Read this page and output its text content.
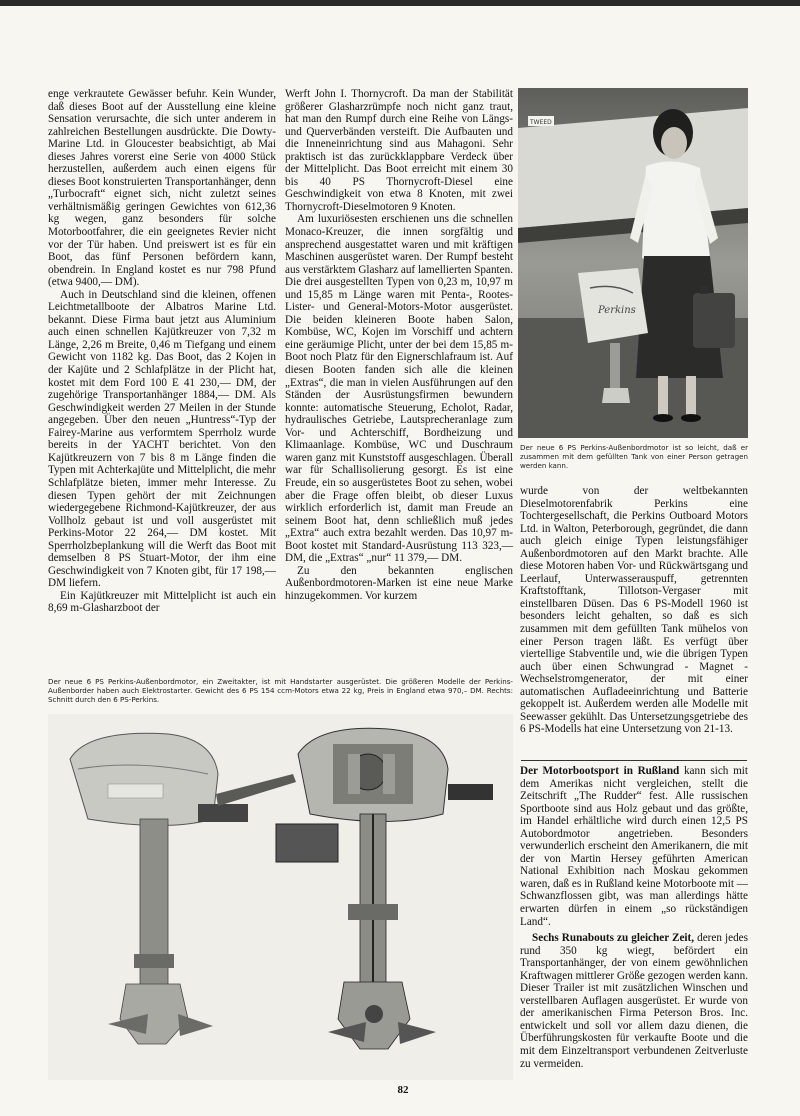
enge verkrautete Gewässer befuhr. Kein Wunder, daß dieses Boot auf der Ausstellung eine kleine Sensation verursachte, die sich unter anderem in zahlreichen Bestellungen ausdrückte. Die Dowty-Marine Ltd. in Gloucester beabsichtigt, ab Mai dieses Jahres vorerst eine Serie von 4000 Stück herzustellen, außerdem auch einen eigens für dieses Boot konstruierten Transportanhänger, denn „Turbocraft“ eignet sich, nicht zuletzt seines verhältnismäßig geringen Gewichtes von 612,36 kg wegen, ganz besonders für solche Motorbootfahrer, die ein geeignetes Revier nicht vor der Tür haben. Und preiswert ist es für ein Boot, das fünf Personen befördern kann, obendrein. In England kostet es nur 798 Pfund (etwa 9400,— DM).

Auch in Deutschland sind die kleinen, offenen Leichtmetallboote der Albatros Marine Ltd. bekannt. Diese Firma baut jetzt aus Aluminium auch einen schnellen Kajütkreuzer von 7,32 m Länge, 2,26 m Breite, 0,46 m Tiefgang und einem Gewicht von 1182 kg. Das Boot, das 2 Kojen in der Kajüte und 2 Schlafplätze in der Plicht hat, kostet mit dem Ford 100 E 41 230,— DM, der zugehörige Transportanhänger 1884,— DM. Als Geschwindigkeit werden 27 Meilen in der Stunde angegeben. Über den neuen „Huntress“-Typ der Fairey-Marine aus verformtem Sperrholz wurde bereits in der YACHT berichtet. Von den Kajütkreuzern von 7 bis 8 m Länge finden die Typen mit Achterkajüte und Mittelplicht, die mehr Schlafplätze bieten, immer mehr Interesse. Zu diesen Typen gehört der mit Zeichnungen wiedergegebene Richmond-Kajütkreuzer, der aus Vollholz gebaut ist und voll ausgerüstet mit Perkins-Motor 22 264,— DM kostet. Mit Sperrholzbeplankung will die Werft das Boot mit demselben 8 PS Stuart-Motor, der ihm eine Geschwindigkeit von 7 Knoten gibt, für 17 198,— DM liefern.

Ein Kajütkreuzer mit Mittelplicht ist auch ein 8,69 m-Glasharzboot der

Werft John I. Thornycroft. Da man der Stabilität größerer Glasharzrümpfe noch nicht ganz traut, hat man den Rumpf durch eine Reihe von Längs- und Querverbänden versteift. Die Aufbauten und die Inneneinrichtung sind aus Mahagoni. Sehr praktisch ist das zurückklappbare Verdeck über der Mittelplicht. Das Boot erreicht mit einem 30 bis 40 PS Thornycroft-Diesel eine Geschwindigkeit von etwa 8 Knoten, mit zwei Thornycroft-Dieselmotoren 9 Knoten.

Am luxuriösesten erschienen uns die schnellen Monaco-Kreuzer, die innen sorgfältig und ansprechend ausgestattet waren und mit kräftigen Maschinen ausgerüstet waren. Der Rumpf besteht aus verstärktem Glasharz auf lamellierten Spanten. Die drei ausgestellten Typen von 0,23 m, 10,97 m und 15,85 m Länge waren mit Penta-, Rootes-Lister- und General-Motors-Motor ausgerüstet. Die beiden kleineren Boote haben Salon, Kombüse, WC, Kojen im Vorschiff und achtern eine geräumige Plicht, unter der bei dem 15,85 m-Boot noch Platz für den Eignerschlafraum ist. Auf diesen Booten fanden sich alle die kleinen „Extras“, die man in vielen Ausführungen auf den Ständen der Ausrüstungsfirmen bewundern konnte: automatische Steuerung, Echolot, Radar, hydraulisches Getriebe, Lautsprecheranlage zum Vor- und Achterschiff, Bordheizung und Klimaanlage. Kombüse, WC und Duschraum waren ganz mit Kunststoff ausgeschlagen. Überall war für Schallisolierung gesorgt. Es ist eine Freude, ein so ausgerüstetes Boot zu sehen, wobei aber die Frage offen bleibt, ob dieser Luxus wirklich erforderlich ist, damit man Freude an seinem Boot hat, denn schließlich muß jedes „Extra“ auch extra bezahlt werden. Das 10,97 m-Boot kostet mit Standard-Ausrüstung 113 323,— DM, die „Extras“ „nur“ 11 379,— DM.

Zu den bekannten englischen Außenbordmotoren-Marken ist eine neue Marke hinzugekommen. Vor kurzem

TWEED
Perkins
Der neue 6 PS Perkins-Außenbordmotor ist so leicht, daß er zusammen mit dem gefüllten Tank von einer Person getragen werden kann.

wurde von der weltbekannten Dieselmotorenfabrik Perkins eine Tochtergesellschaft, die Perkins Outboard Motors Ltd. in Walton, Peterborough, gegründet, die dann auch gleich einige Typen leistungsfähiger Außenbordmotoren auf den Markt brachte. Alle diese Motoren haben Vor- und Rückwärtsgang und Leerlauf, Unterwasserauspuff, getrennten Kraftstofftank, Tillotson-Vergaser mit einstellbaren Düsen. Das 6 PS-Modell 1960 ist besonders leicht gehalten, so daß es sich zusammen mit dem gefüllten Tank mühelos von einer Person tragen läßt. Es verfügt über viertellige Stabventile und, wie die übrigen Typen auch über einen Schwungrad - Magnet - Wechselstromgenerator, der mit einer automatischen Aufladeeinrichtung und Batterie gekoppelt ist. Außerdem werden alle Modelle mit Seewasser gekühlt. Das Untersetzungsgetriebe des 6 PS-Modells hat eine Untersetzung von 21-13.

Der Motorbootsport in Rußland kann sich mit dem Amerikas nicht vergleichen, stellt die Zeitschrift „The Rudder“ fest. Alle russischen Sportboote sind aus Holz gebaut und das größte, im Handel erhältliche wird durch einen 12,5 PS Autobordmotor angetrieben. Besonders verwunderlich erscheint den Amerikanern, die mit der von Martin Hersey geführten American National Exhibition nach Moskau gekommen waren, daß es in Rußland keine Motorboote mit — Schwanzflossen gibt, was man allerdings hätte erwarten dürfen in einem „so rückständigen Land“.

Sechs Runabouts zu gleicher Zeit, deren jedes rund 350 kg wiegt, befördert ein Transportanhänger, der von einem gewöhnlichen Kraftwagen mittlerer Größe gezogen werden kann. Dieser Trailer ist mit zusätzlichen Winschen und verstellbaren Auflagen ausgerüstet. Er wurde von der amerikanischen Firma Peterson Bros. Inc. entwickelt und soll vor allem dazu dienen, die Überführungskosten für verkaufte Boote und die mit dem Einzeltransport verbundenen Zeitverluste zu vermeiden.

Der neue 6 PS Perkins-Außenbordmotor, ein Zweitakter, ist mit Handstarter ausgerüstet. Die größeren Modelle der Perkins-Außenborder haben auch Elektrostarter. Gewicht des 6 PS 154 ccm-Motors etwa 22 kg, Preis in England etwa 970,– DM. Rechts: Schnitt durch den 6 PS-Perkins.
82
